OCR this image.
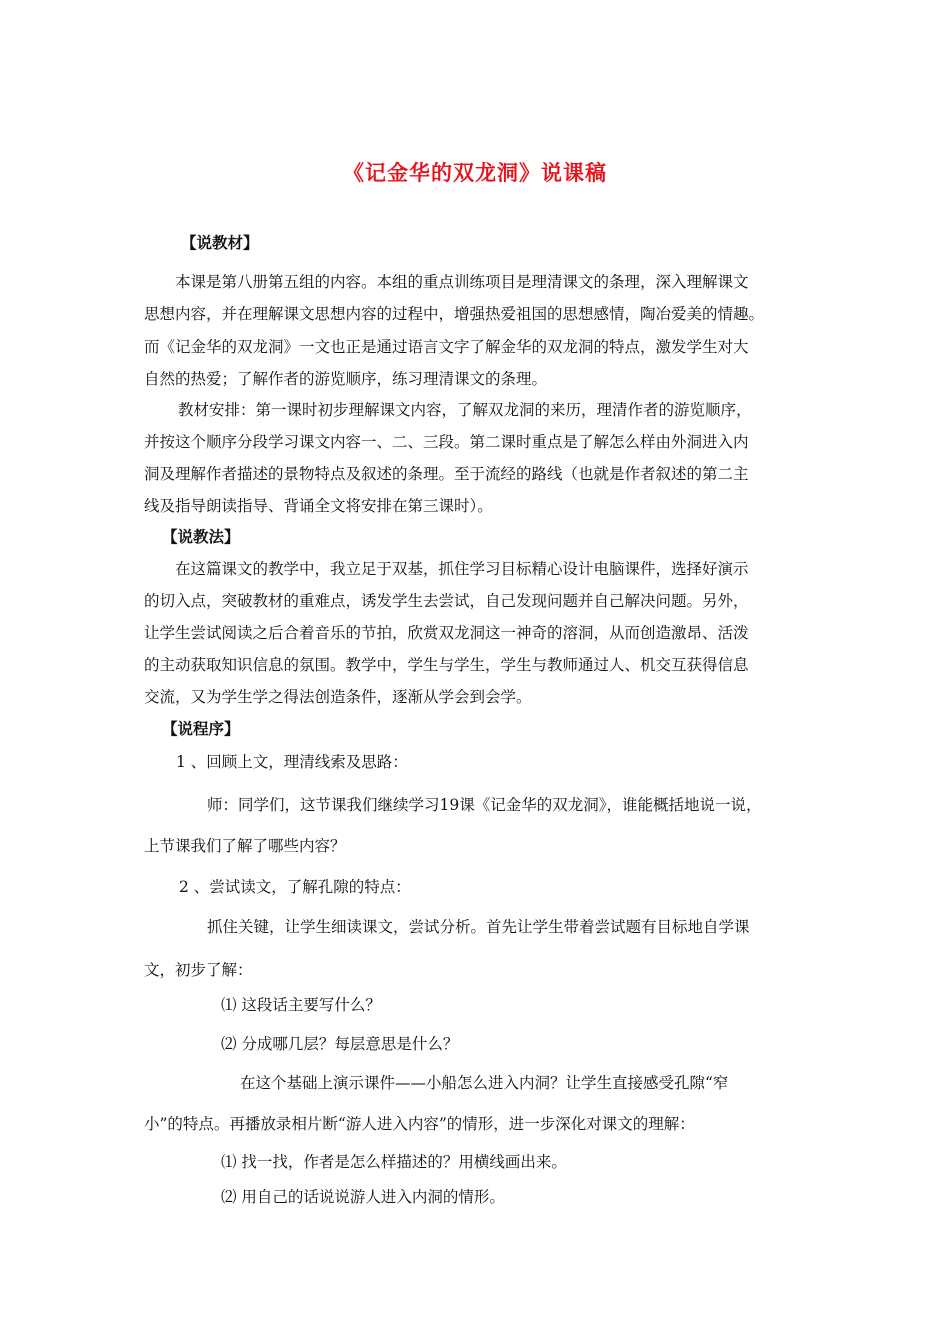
《记金华的双龙洞》说课稿
【说教材】
本课是第八册第五组的内容。本组的重点训练项目是理清课文的条理，深入理解课文
思想内容，并在理解课文思想内容的过程中，增强热爱祖国的思想感情，陶冶爱美的情趣。
而《记金华的双龙洞》一文也正是通过语言文字了解金华的双龙洞的特点，激发学生对大
自然的热爱；了解作者的游览顺序，练习理清课文的条理。
教材安排：第一课时初步理解课文内容，了解双龙洞的来历，理清作者的游览顺序，
并按这个顺序分段学习课文内容一、二、三段。第二课时重点是了解怎么样由外洞进入内
洞及理解作者描述的景物特点及叙述的条理。至于流经的路线（也就是作者叙述的第二主
线及指导朗读指导、背诵全文将安排在第三课时）。
【说教法】
在这篇课文的教学中，我立足于双基，抓住学习目标精心设计电脑课件，选择好演示
的切入点，突破教材的重难点，诱发学生去尝试，自己发现问题并自己解决问题。另外，
让学生尝试阅读之后合着音乐的节拍，欣赏双龙洞这一神奇的溶洞，从而创造激昂、活泼
的主动获取知识信息的氛围。教学中，学生与学生，学生与教师通过人、机交互获得信息
交流，又为学生学之得法创造条件，逐渐从学会到会学。
【说程序】
1 、回顾上文，理清线索及思路：
师：同学们，这节课我们继续学习19课《记金华的双龙洞》，谁能概括地说一说，
上节课我们了解了哪些内容？
2 、尝试读文，了解孔隙的特点：
抓住关键，让学生细读课文，尝试分析。首先让学生带着尝试题有目标地自学课
文，初步了解：
⑴ 这段话主要写什么？
⑵ 分成哪几层？每层意思是什么？
在这个基础上演示课件——小船怎么进入内洞？让学生直接感受孔隙“窄
小”的特点。再播放录相片断“游人进入内容”的情形，进一步深化对课文的理解：
⑴ 找一找，作者是怎么样描述的？用横线画出来。
⑵ 用自己的话说说游人进入内洞的情形。
